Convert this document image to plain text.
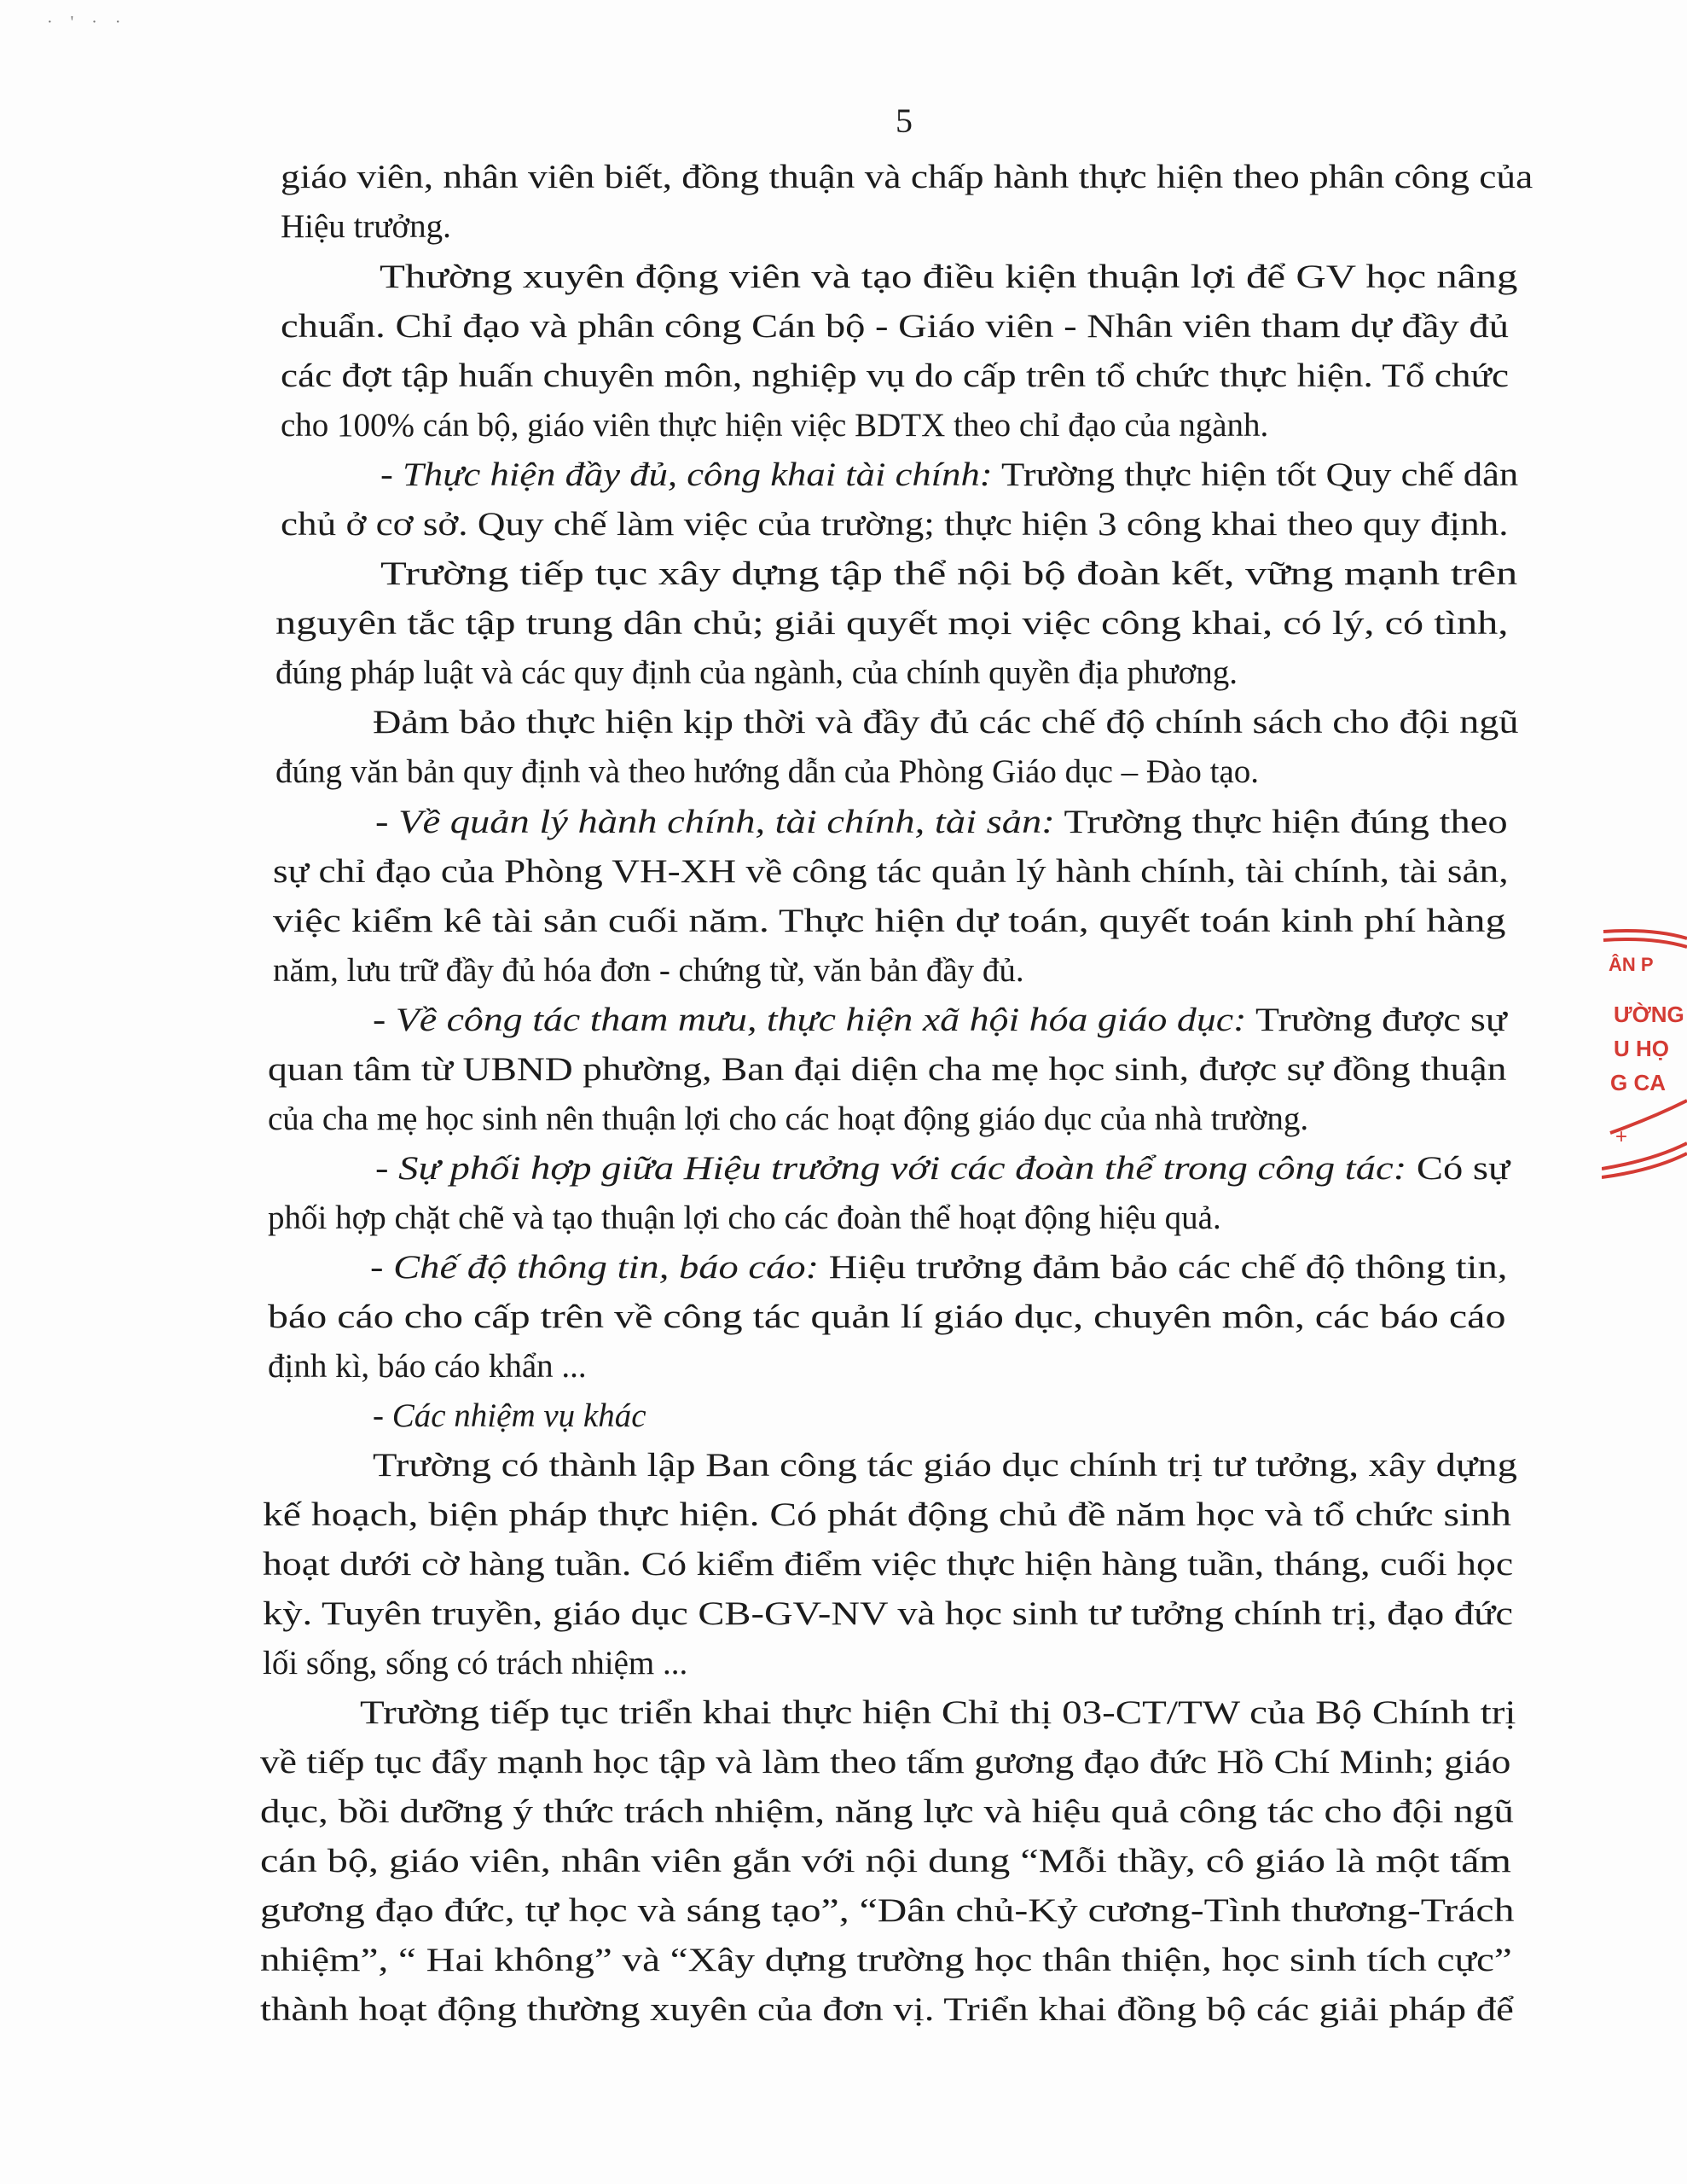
· ' · ·
5
giáo viên, nhân viên biết, đồng thuận và chấp hành thực hiện theo phân công của
Hiệu trưởng.
Thường xuyên động viên và tạo điều kiện thuận lợi để GV học nâng
chuẩn. Chỉ đạo và phân công Cán bộ - Giáo viên - Nhân viên tham dự đầy đủ
các đợt tập huấn chuyên môn, nghiệp vụ do cấp trên tổ chức thực hiện. Tổ chức
cho 100% cán bộ, giáo viên thực hiện việc BDTX theo chỉ đạo của ngành.
- Thực hiện đầy đủ, công khai tài chính: Trường thực hiện tốt Quy chế dân
chủ ở cơ sở. Quy chế làm việc của trường; thực hiện 3 công khai theo quy định.
Trường tiếp tục xây dựng tập thể nội bộ đoàn kết, vững mạnh trên
nguyên tắc tập trung dân chủ; giải quyết mọi việc công khai, có lý, có tình,
đúng pháp luật và các quy định của ngành, của chính quyền địa phương.
Đảm bảo thực hiện kịp thời và đầy đủ các chế độ chính sách cho đội ngũ
đúng văn bản quy định và theo hướng dẫn của Phòng Giáo dục – Đào tạo.
- Về quản lý hành chính, tài chính, tài sản: Trường thực hiện đúng theo
sự chỉ đạo của Phòng VH-XH về công tác quản lý hành chính, tài chính, tài sản,
việc kiểm kê tài sản cuối năm. Thực hiện dự toán, quyết toán kinh phí hàng
năm, lưu trữ đầy đủ hóa đơn - chứng từ, văn bản đầy đủ.
- Về công tác tham mưu, thực hiện xã hội hóa giáo dục: Trường được sự
quan tâm từ UBND phường, Ban đại diện cha mẹ học sinh, được sự đồng thuận
của cha mẹ học sinh nên thuận lợi cho các hoạt động giáo dục của nhà trường.
- Sự phối hợp giữa Hiệu trưởng với các đoàn thể trong công tác: Có sự
phối hợp chặt chẽ và tạo thuận lợi cho các đoàn thể hoạt động hiệu quả.
- Chế độ thông tin, báo cáo: Hiệu trưởng đảm bảo các chế độ thông tin,
báo cáo cho cấp trên về công tác quản lí giáo dục, chuyên môn, các báo cáo
định kì, báo cáo khẩn ...
- Các nhiệm vụ khác
Trường có thành lập Ban công tác giáo dục chính trị tư tưởng, xây dựng
kế hoạch, biện pháp thực hiện. Có phát động chủ đề năm học và tổ chức sinh
hoạt dưới cờ hàng tuần. Có kiểm điểm việc thực hiện hàng tuần, tháng, cuối học
kỳ. Tuyên truyền, giáo dục CB-GV-NV và học sinh tư tưởng chính trị, đạo đức
lối sống, sống có trách nhiệm ...
Trường tiếp tục triển khai thực hiện Chỉ thị 03-CT/TW của Bộ Chính trị
về tiếp tục đẩy mạnh học tập và làm theo tấm gương đạo đức Hồ Chí Minh; giáo
dục, bồi dưỡng ý thức trách nhiệm, năng lực và hiệu quả công tác cho đội ngũ
cán bộ, giáo viên, nhân viên gắn với nội dung “Mỗi thầy, cô giáo là một tấm
gương đạo đức, tự học và sáng tạo”, “Dân chủ-Kỷ cương-Tình thương-Trách
nhiệm”, “ Hai không” và “Xây dựng trường học thân thiện, học sinh tích cực”
thành hoạt động thường xuyên của đơn vị. Triển khai đồng bộ các giải pháp để
ÂN P
ƯỜNG
U HỌ
G CA
+
